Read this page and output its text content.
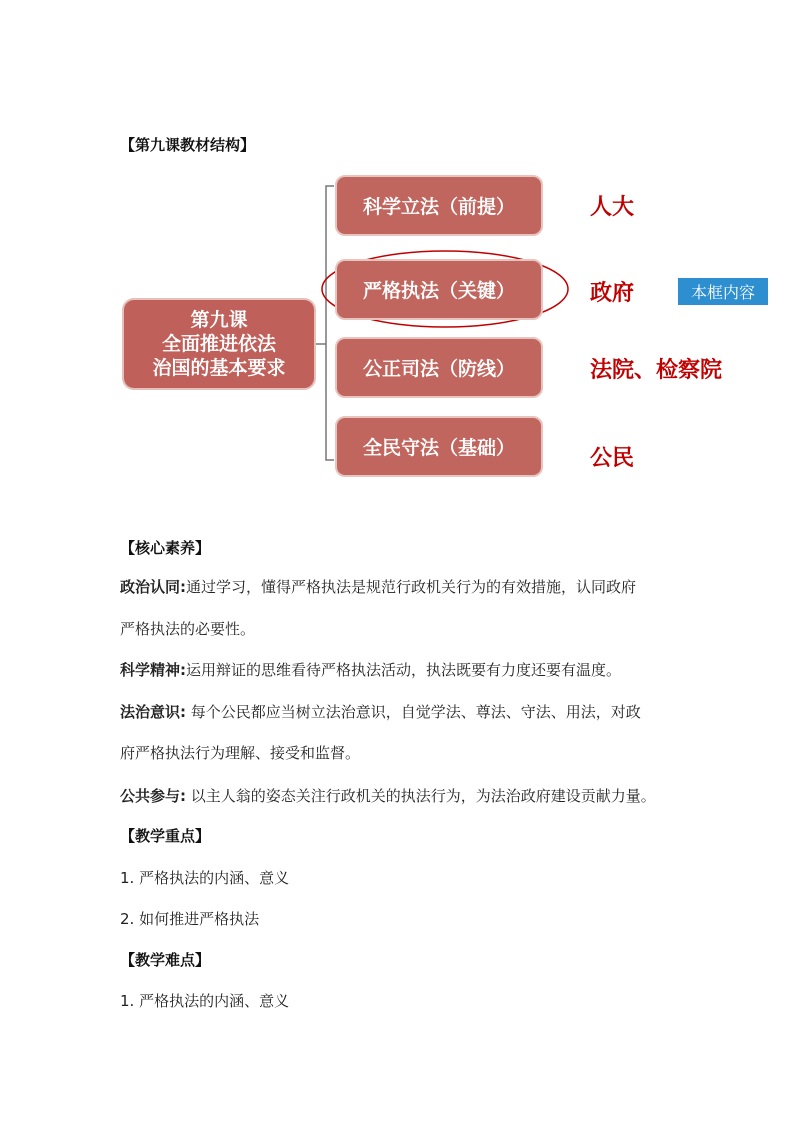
【第九课教材结构】
第九课
全面推进依法
治国的基本要求
科学立法（前提）
严格执法（关键）
公正司法（防线）
全民守法（基础）
人大
政府
法院、检察院
公民
本框内容
【核心素养】
政治认同:通过学习，懂得严格执法是规范行政机关行为的有效措施，认同政府
严格执法的必要性。
科学精神:运用辩证的思维看待严格执法活动，执法既要有力度还要有温度。
法治意识: 每个公民都应当树立法治意识，自觉学法、尊法、守法、用法，对政
府严格执法行为理解、接受和监督。
公共参与: 以主人翁的姿态关注行政机关的执法行为，为法治政府建设贡献力量。
【教学重点】
1. 严格执法的内涵、意义
2. 如何推进严格执法
【教学难点】
1. 严格执法的内涵、意义
